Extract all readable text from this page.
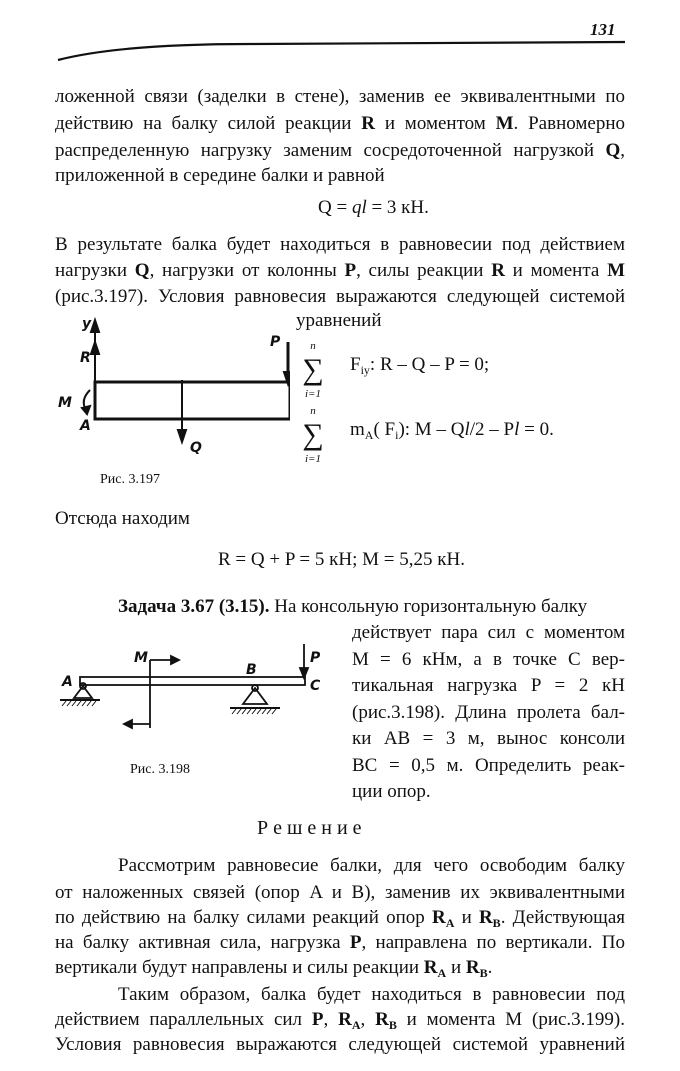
131
ложенной связи (заделки в стене), заменив ее эквивалентными по
действию на балку силой реакции R и моментом M. Равномерно
распределенную нагрузку заменим сосредоточенной нагрузкой Q,
приложенной в середине балки и равной
Q = ql = 3 кН.
В результате балка будет находиться в равновесии под действием
нагрузки Q, нагрузки от колонны P, силы реакции R и момента M
(рис.3.197). Условия равновесия выражаются следующей системой
уравнений
$F_{iy}$: R – Q – P = 0;
$m_A$( $F_i$): M – Ql/2 – Pl = 0.
Отсюда находим
R = Q + P = 5 кН; M = 5,25 кН.
Задача 3.67 (3.15). На консольную горизонтальную балку
действует пара сил с моментом
M = 6 кНм, а в точке C вер-
тикальная нагрузка P = 2 кН
(рис.3.198). Длина пролета бал-
ки AB = 3 м, вынос консоли
BC = 0,5 м. Определить реак-
ции опор.
Р е ш е н и е
Рассмотрим равновесие балки, для чего освободим балку
от наложенных связей (опор A и B), заменив их эквивалентными
по действию на балку силами реакций опор $R_A$ и $R_B$. Действующая
на балку активная сила, нагрузка P, направлена по вертикали. По
вертикали будут направлены и силы реакции $R_A$ и $R_B$.
Таким образом, балка будет находиться в равновесии под
действием параллельных сил P, $R_A$, $R_B$ и момента M (рис.3.199).
Условия равновесия выражаются следующей системой уравнений
n
∑
i=1
n
∑
i=1
y
R
M
A
P
Q
Рис. 3.197
A
M
B
C
P
Рис. 3.198
